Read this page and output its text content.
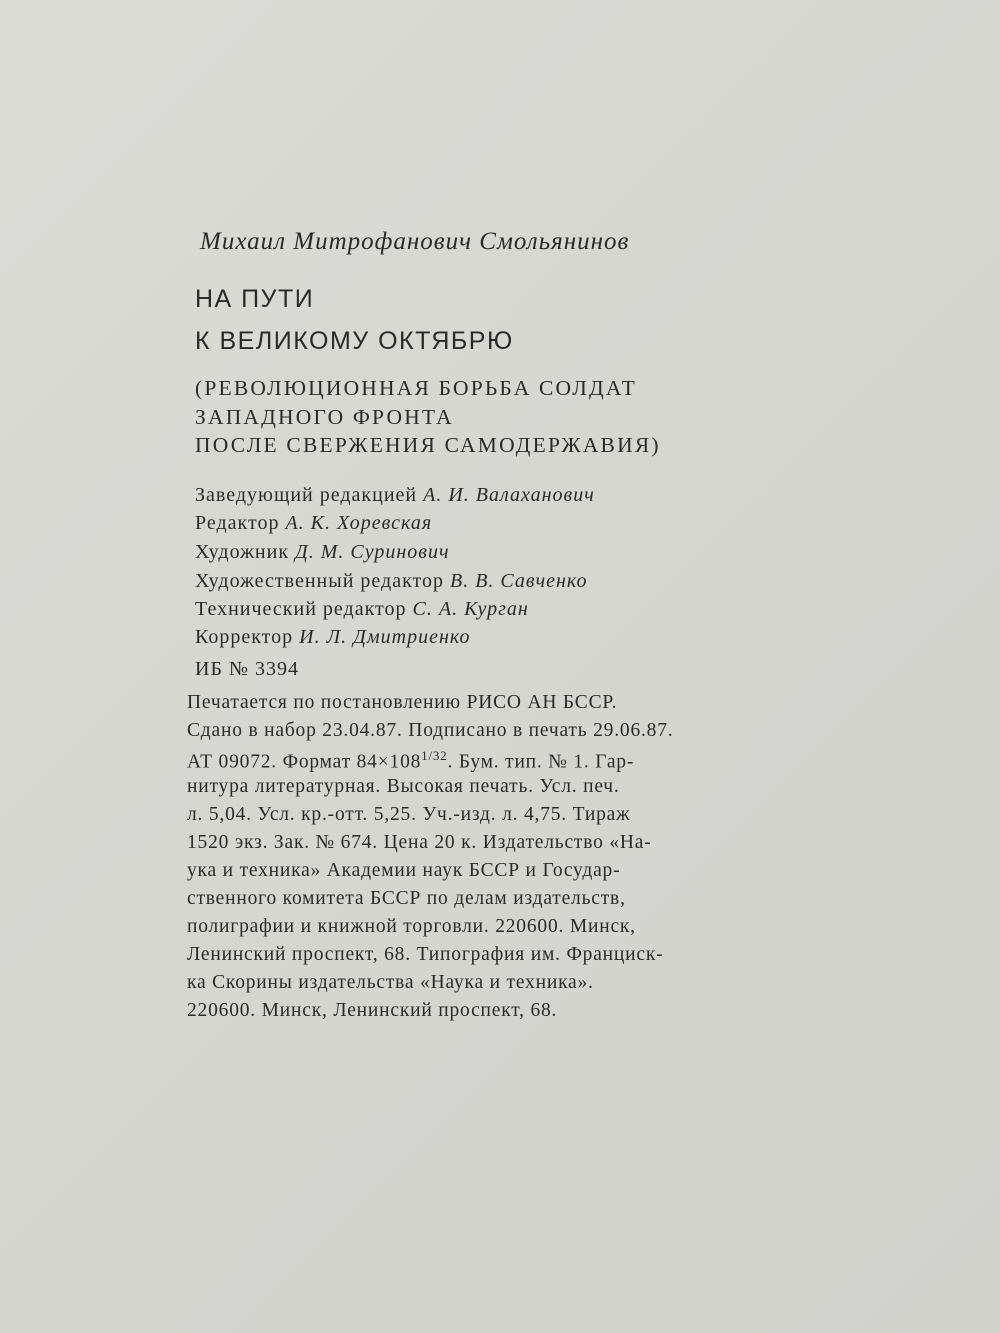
Михаил Митрофанович Смольянинов
НА ПУТИ
К ВЕЛИКОМУ ОКТЯБРЮ
(РЕВОЛЮЦИОННАЯ БОРЬБА СОЛДАТ
ЗАПАДНОГО ФРОНТА
ПОСЛЕ СВЕРЖЕНИЯ САМОДЕРЖАВИЯ)
Заведующий редакцией А. И. Валаханович
Редактор А. К. Хоревская
Художник Д. М. Суринович
Художественный редактор В. В. Савченко
Технический редактор С. А. Курган
Корректор И. Л. Дмитриенко
ИБ № 3394
Печатается по постановлению РИСО АН БССР.
Сдано в набор 23.04.87. Подписано в печать 29.06.87.
АТ 09072. Формат $84\times 108^{1/32}$. Бум. тип. № 1. Гар-
нитура литературная. Высокая печать. Усл. печ.
л. 5,04. Усл. кр.-отт. 5,25. Уч.-изд. л. 4,75. Тираж
1520 экз. Зак. № 674. Цена 20 к. Издательство «На-
ука и техника» Академии наук БССР и Государ-
ственного комитета БССР по делам издательств,
полиграфии и книжной торговли. 220600. Минск,
Ленинский проспект, 68. Типография им. Франциск-
ка Скорины издательства «Наука и техника».
220600. Минск, Ленинский проспект, 68.
